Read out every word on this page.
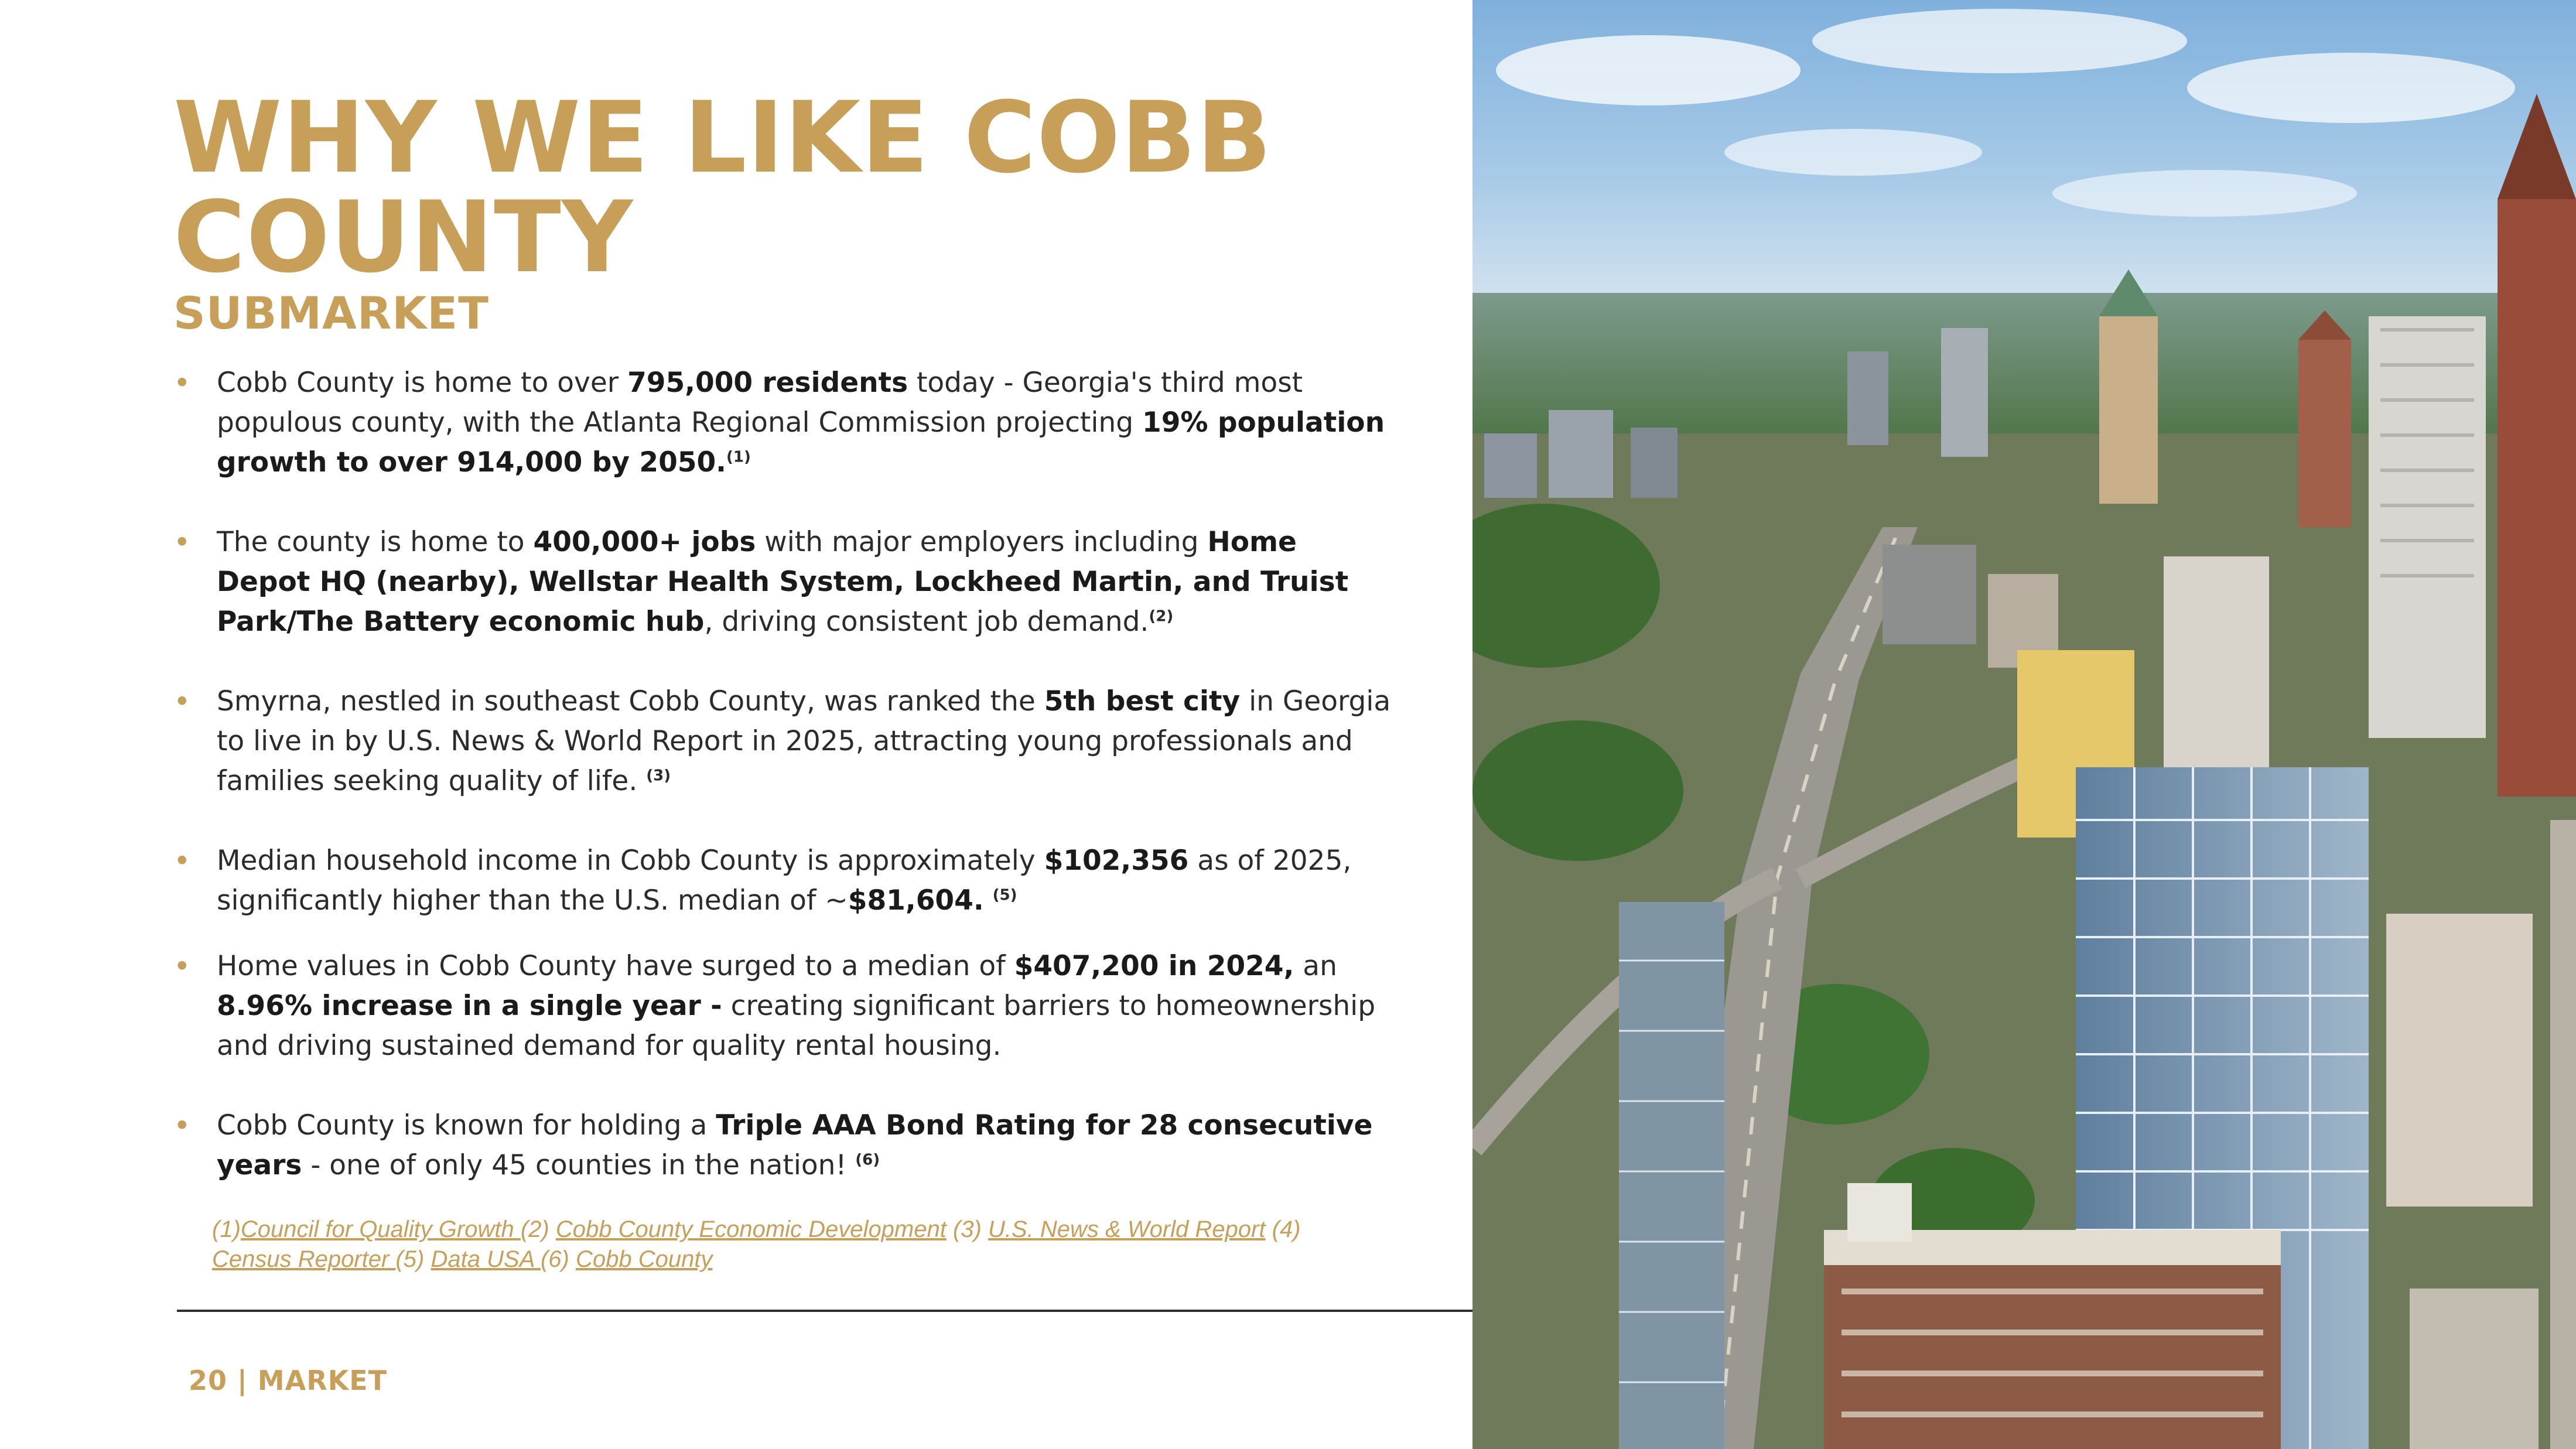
WHY WE LIKE COBB COUNTY
SUBMARKET
• Cobb County is home to over 795,000 residents today - Georgia's third most populous county, with the Atlanta Regional Commission projecting 19% population growth to over 914,000 by 2050.$^{(1)}$
• The county is home to 400,000+ jobs with major employers including Home Depot HQ (nearby), Wellstar Health System, Lockheed Martin, and Truist Park/The Battery economic hub, driving consistent job demand.$^{(2)}$
• Smyrna, nestled in southeast Cobb County, was ranked the 5th best city in Georgia to live in by U.S. News & World Report in 2025, attracting young professionals and families seeking quality of life. $^{(3)}$
• Median household income in Cobb County is approximately $102,356 as of 2025, significantly higher than the U.S. median of ~$81,604. $^{(5)}$
• Home values in Cobb County have surged to a median of $407,200 in 2024, an
8.96% increase in a single year - creating significant barriers to homeownership and driving sustained demand for quality rental housing.
• Cobb County is known for holding a Triple AAA Bond Rating for 28 consecutive years - one of only 45 counties in the nation! $^{(6)}$
(1)Council for Quality Growth (2) Cobb County Economic Development (3) U.S. News & World Report (4)
Census Reporter (5) Data USA (6) Cobb County
20 | MARKET
